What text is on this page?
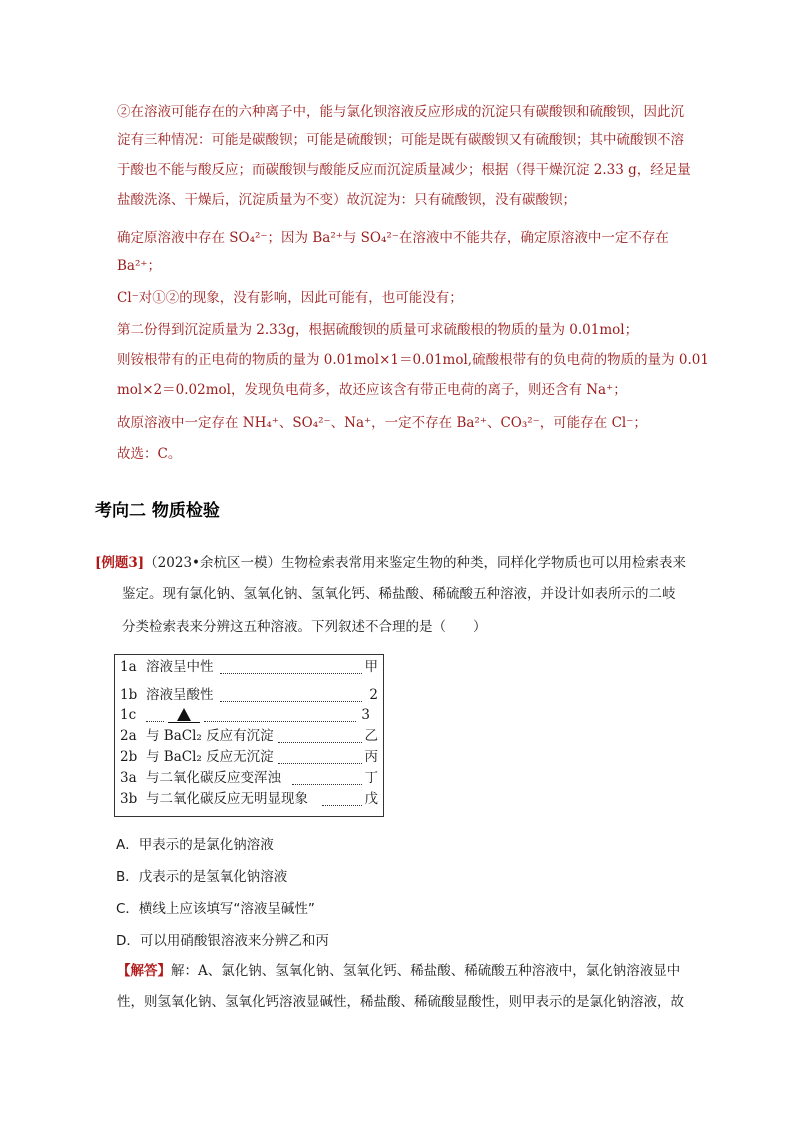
②在溶液可能存在的六种离子中，能与氯化钡溶液反应形成的沉淀只有碳酸钡和硫酸钡，因此沉
淀有三种情况：可能是碳酸钡；可能是硫酸钡；可能是既有碳酸钡又有硫酸钡；其中硫酸钡不溶
于酸也不能与酸反应；而碳酸钡与酸能反应而沉淀质量减少；根据（得干燥沉淀 2.33 g，经足量
盐酸洗涤、干燥后，沉淀质量为不变）故沉淀为：只有硫酸钡，没有碳酸钡；
确定原溶液中存在 SO₄²⁻；因为 Ba²⁺与 SO₄²⁻在溶液中不能共存，确定原溶液中一定不存在
Ba²⁺；
Cl⁻对①②的现象，没有影响，因此可能有，也可能没有；
第二份得到沉淀质量为 2.33g，根据硫酸钡的质量可求硫酸根的物质的量为 0.01mol；
则铵根带有的正电荷的物质的量为 0.01mol×1＝0.01mol,硫酸根带有的负电荷的物质的量为 0.01
mol×2＝0.02mol，发现负电荷多，故还应该含有带正电荷的离子，则还含有 Na⁺；
故原溶液中一定存在 NH₄⁺、SO₄²⁻、Na⁺，一定不存在 Ba²⁺、CO₃²⁻，可能存在 Cl⁻；
故选：C。
考向二 物质检验
[例题3]（2023•余杭区一模）生物检索表常用来鉴定生物的种类，同样化学物质也可以用检索表来
鉴定。现有氯化钠、氢氧化钠、氢氧化钙、稀盐酸、稀硫酸五种溶液，并设计如表所示的二岐
分类检索表来分辨这五种溶液。下列叙述不合理的是（　　）
1a 溶液呈中性	甲
1b 溶液呈酸性	2
1c	3
2a 与 BaCl₂ 反应有沉淀	乙
2b 与 BaCl₂ 反应无沉淀	丙
3a 与二氧化碳反应变浑浊	丁
3b 与二氧化碳反应无明显现象	戊
A．甲表示的是氯化钠溶液
B．戊表示的是氢氧化钠溶液
C．横线上应该填写“溶液呈碱性”
D．可以用硝酸银溶液来分辨乙和丙
【解答】解：A、氯化钠、氢氧化钠、氢氧化钙、稀盐酸、稀硫酸五种溶液中，氯化钠溶液显中
性，则氢氧化钠、氢氧化钙溶液显碱性，稀盐酸、稀硫酸显酸性，则甲表示的是氯化钠溶液，故
